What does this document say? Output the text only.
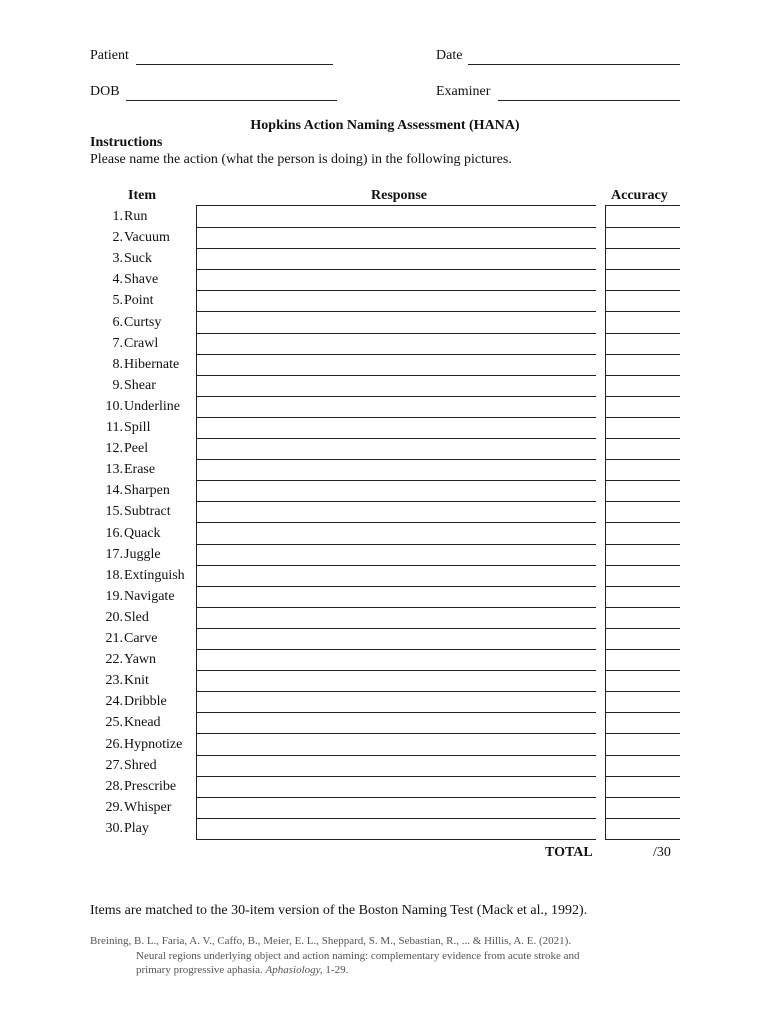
Patient	Date
DOB	Examiner
Hopkins Action Naming Assessment (HANA)
Instructions
Please name the action (what the person is doing) in the following pictures.
Item	Response	Accuracy
1.Run
2.Vacuum
3.Suck
4.Shave
5.Point
6.Curtsy
7.Crawl
8.Hibernate
9.Shear
10.Underline
11.Spill
12.Peel
13.Erase
14.Sharpen
15.Subtract
16.Quack
17.Juggle
18.Extinguish
19.Navigate
20.Sled
21.Carve
22.Yawn
23.Knit
24.Dribble
25.Knead
26.Hypnotize
27.Shred
28.Prescribe
29.Whisper
30.Play
TOTAL	/30
Items are matched to the 30-item version of the Boston Naming Test (Mack et al., 1992).
Breining, B. L., Faria, A. V., Caffo, B., Meier, E. L., Sheppard, S. M., Sebastian, R., ... & Hillis, A. E. (2021).
Neural regions underlying object and action naming: complementary evidence from acute stroke and
primary progressive aphasia. Aphasiology, 1-29.
